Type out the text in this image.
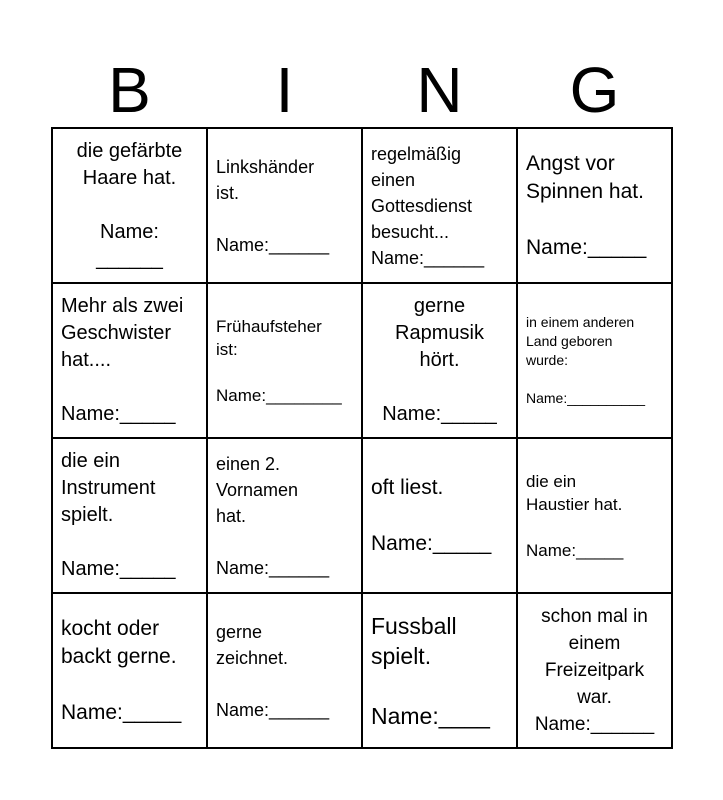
B	I	N	G

die gefärbte
Haare hat.

Name:
______

Linkshänder
ist.

Name:______

regelmäßig
einen
Gottesdienst
besucht...
Name:______

Angst vor
Spinnen hat.

Name:_____

Mehr als zwei
Geschwister
hat....

Name:_____

Frühaufsteher
ist:

Name:________

gerne
Rapmusik
hört.

Name:_____

in einem anderen
Land geboren
wurde:

Name:__________

die ein
Instrument
spielt.

Name:_____

einen 2.
Vornamen
hat.

Name:______

oft liest.

Name:_____

die ein
Haustier hat.

Name:_____

kocht oder
backt gerne.

Name:_____

gerne
zeichnet.

Name:______

Fussball
spielt.

Name:____

schon mal in
einem
Freizeitpark
war.
Name:______
